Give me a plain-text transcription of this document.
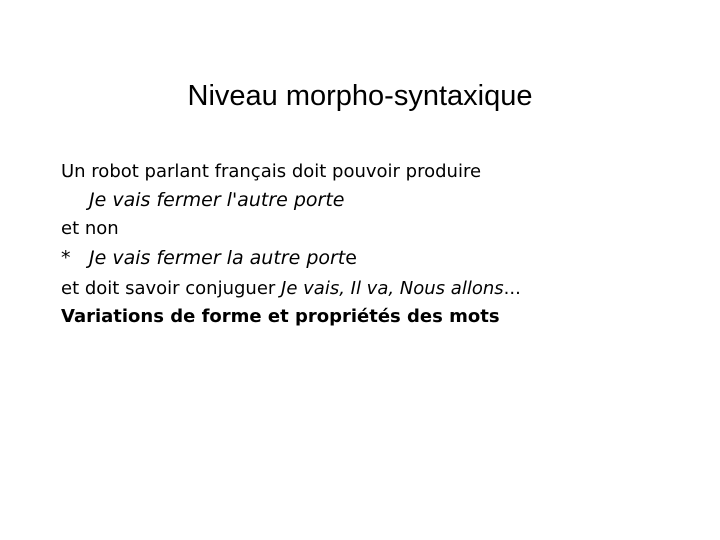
Niveau morpho-syntaxique
Un robot parlant français doit pouvoir produire
Je vais fermer l'autre porte
et non
* Je vais fermer la autre porte
et doit savoir conjuguer Je vais, Il va, Nous allons...
Variations de forme et propriétés des mots
